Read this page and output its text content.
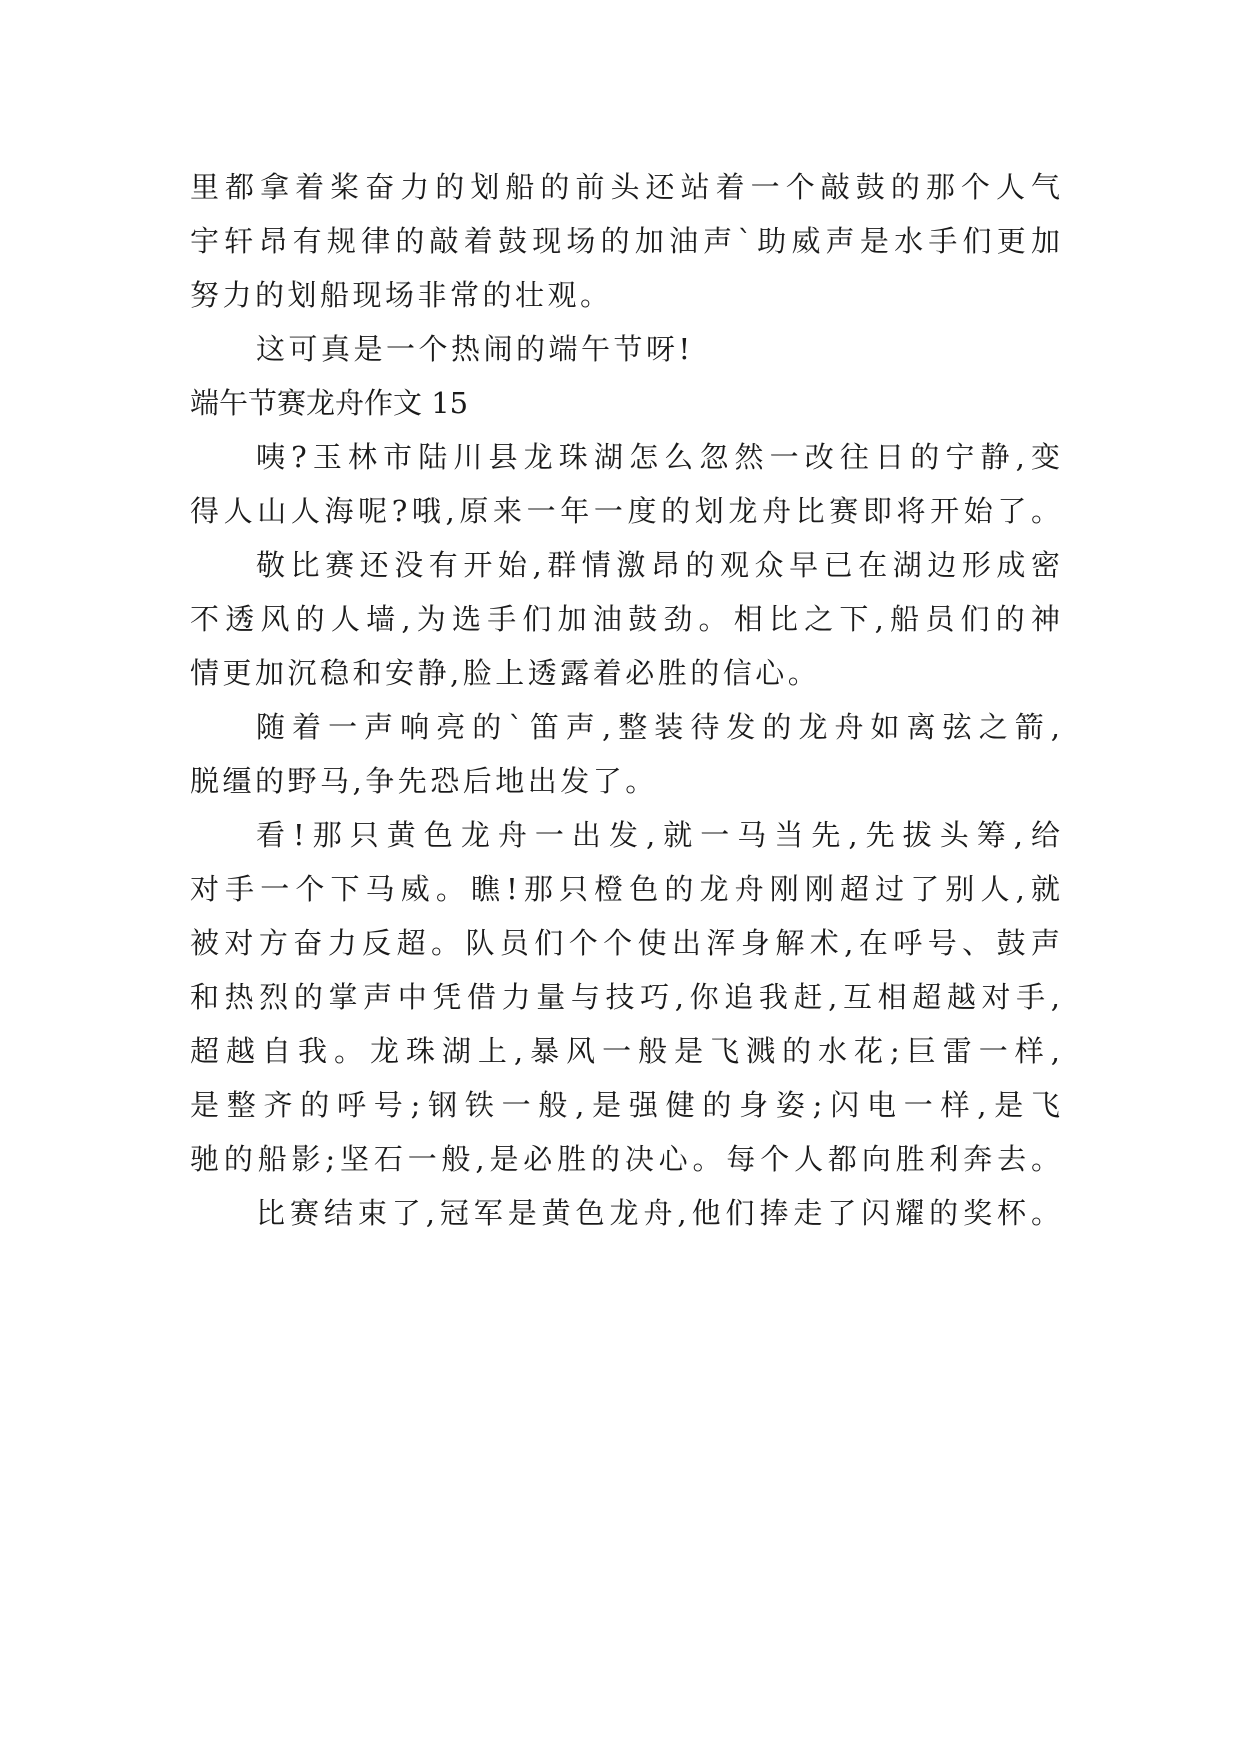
里都拿着桨奋力的划船的前头还站着一个敲鼓的那个人气
宇轩昂有规律的敲着鼓现场的加油声`助威声是水手们更加
努力的划船现场非常的壮观。
这可真是一个热闹的端午节呀!
端午节赛龙舟作文 15
咦?玉林市陆川县龙珠湖怎么忽然一改往日的宁静,变
得人山人海呢?哦,原来一年一度的划龙舟比赛即将开始了。
敬比赛还没有开始,群情激昂的观众早已在湖边形成密
不透风的人墙,为选手们加油鼓劲。相比之下,船员们的神
情更加沉稳和安静,脸上透露着必胜的信心。
随着一声响亮的`笛声,整装待发的龙舟如离弦之箭,
脱缰的野马,争先恐后地出发了。
看!那只黄色龙舟一出发,就一马当先,先拔头筹,给
对手一个下马威。瞧!那只橙色的龙舟刚刚超过了别人,就
被对方奋力反超。队员们个个使出浑身解术,在呼号、鼓声
和热烈的掌声中凭借力量与技巧,你追我赶,互相超越对手,
超越自我。龙珠湖上,暴风一般是飞溅的水花;巨雷一样,
是整齐的呼号;钢铁一般,是强健的身姿;闪电一样,是飞
驰的船影;坚石一般,是必胜的决心。每个人都向胜利奔去。
比赛结束了,冠军是黄色龙舟,他们捧走了闪耀的奖杯。
